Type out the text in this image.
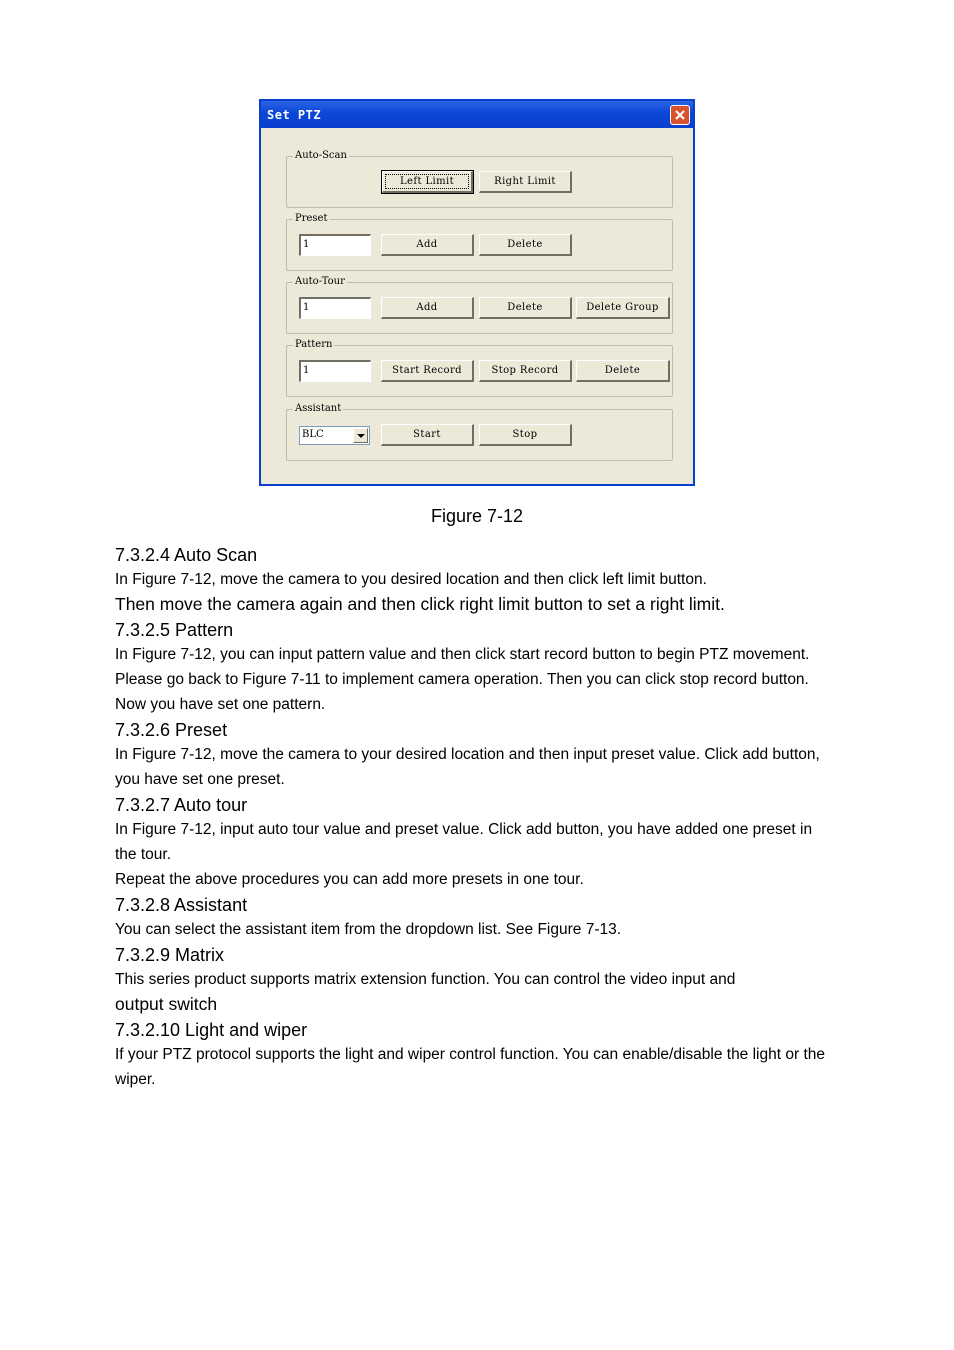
Set PTZ
Auto-Scan
Left Limit	Right Limit
Preset
1	Add	Delete
Auto-Tour
1	Add	Delete	Delete Group
Pattern
1	Start Record	Stop Record	Delete
Assistant
BLC	Start	Stop
Figure 7-12
7.3.2.4 Auto Scan
In Figure 7-12, move the camera to you desired location and then click left limit button.
Then move the camera again and then click right limit button to set a right limit.
7.3.2.5 Pattern
In Figure 7-12, you can input pattern value and then click start record button to begin PTZ movement. Please go back to Figure 7-11 to implement camera operation. Then you can click stop record button. Now you have set one pattern.
7.3.2.6 Preset
In Figure 7-12, move the camera to your desired location and then input preset value. Click add button, you have set one preset.
7.3.2.7 Auto tour
In Figure 7-12, input auto tour value and preset value. Click add button, you have added one preset in the tour.
Repeat the above procedures you can add more presets in one tour.
7.3.2.8 Assistant
You can select the assistant item from the dropdown list. See Figure 7-13.
7.3.2.9 Matrix
This series product supports matrix extension function. You can control the video input and
output switch
7.3.2.10 Light and wiper
If your PTZ protocol supports the light and wiper control function. You can enable/disable the light or the wiper.
